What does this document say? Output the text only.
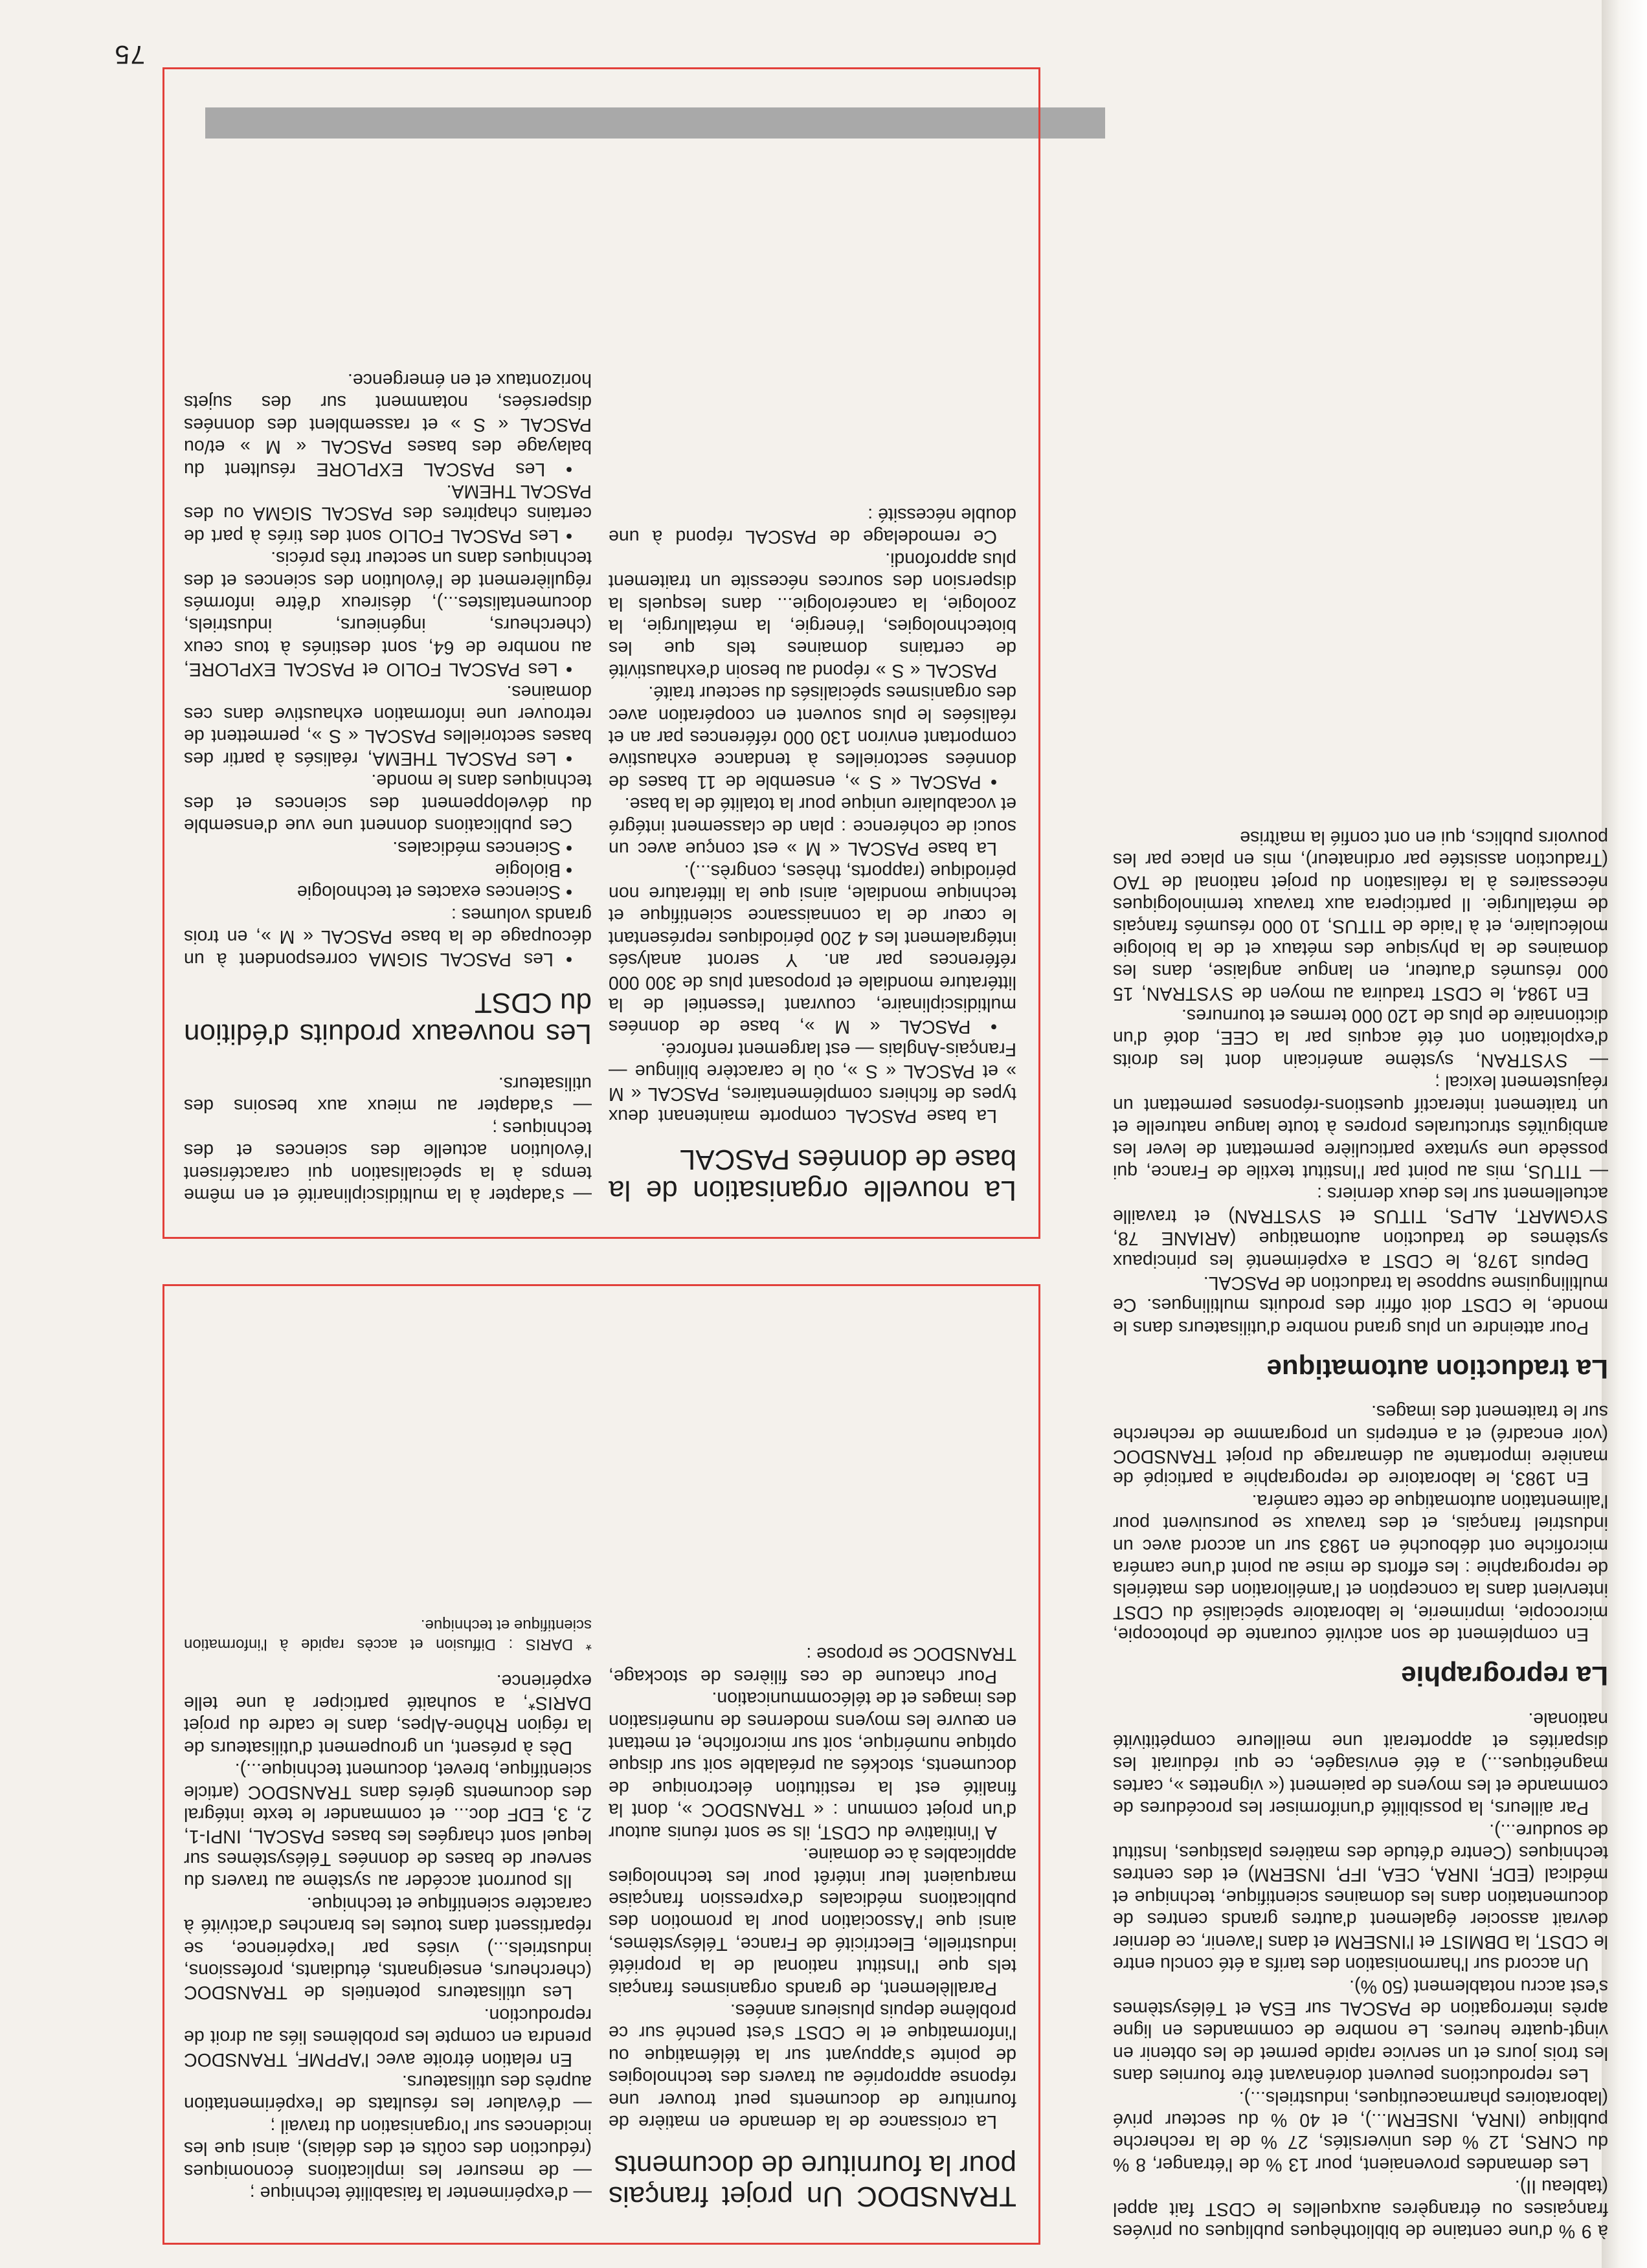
75

à 9 % d'une centaine de bibliothèques publiques ou privées françaises ou étrangères auxquelles le CDST fait appel (tableau II).

Les demandes provenaient, pour 13 % de l'étranger, 8 % du CNRS, 12 % des universités, 27 % de la recherche publique (INRA, INSERM...), et 40 % du secteur privé (laboratoires pharmaceutiques, industriels...).

Les reproductions peuvent dorénavant être fournies dans les trois jours et un service rapide permet de les obtenir en vingt-quatre heures. Le nombre de commandes en ligne après interrogation de PASCAL sur ESA et Télésystèmes s'est accru notablement (50 %).

Un accord sur l'harmonisation des tarifs a été conclu entre le CDST, la DBMIST et l'INSERM et dans l'avenir, ce dernier devrait associer également d'autres grands centres de documentation dans les domaines scientifique, technique et médical (EDF, INRA, CEA, IFP, INSERM) et des centres techniques (Centre d'étude des matières plastiques, Institut de soudure...).

Par ailleurs, la possibilité d'uniformiser les procédures de commande et les moyens de paiement (« vignettes », cartes magnétiques...) a été envisagée, ce qui réduirait les disparités et apporterait une meilleure compétitivité nationale.

La reprographie

En complément de son activité courante de photocopie, microcopie, imprimerie, le laboratoire spécialisé du CDST intervient dans la conception et l'amélioration des matériels de reprographie : les efforts de mise au point d'une caméra microfiche ont débouché en 1983 sur un accord avec un industriel français, et des travaux se poursuivent pour l'alimentation automatique de cette caméra.

En 1983, le laboratoire de reprographie a participé de manière importante au démarrage du projet TRANSDOC (voir encadré) et a entrepris un programme de recherche sur le traitement des images.

La traduction automatique

Pour atteindre un plus grand nombre d'utilisateurs dans le monde, le CDST doit offrir des produits multilingues. Ce multilinguisme suppose la traduction de PASCAL.

Depuis 1978, le CDST a expérimenté les principaux systèmes de traduction automatique (ARIANE 78, SYGMART, ALPS, TITUS et SYSTRAN) et travaille actuellement sur les deux derniers :

— TITUS, mis au point par l'Institut textile de France, qui possède une syntaxe particulière permettant de lever les ambiguïtés structurales propres à toute langue naturelle et un traitement interactif questions-réponses permettant un réajustement lexical ;

— SYSTRAN, système américain dont les droits d'exploitation ont été acquis par la CEE, doté d'un dictionnaire de plus de 120 000 termes et tournures.

En 1984, le CDST traduira au moyen de SYSTRAN, 15 000 résumés d'auteur, en langue anglaise, dans les domaines de la physique des métaux et de la biologie moléculaire, et à l'aide de TITUS, 10 000 résumés français de métallurgie. Il participera aux travaux terminologiques nécessaires à la réalisation du projet national de TAO (Traduction assistée par ordinateur), mis en place par les pouvoirs publics, qui en ont confié la maîtrise

TRANSDOC Un projet français pour la fourniture de documents

La croissance de la demande en matière de fourniture de documents peut trouver une réponse appropriée au travers des technologies de pointe s'appuyant sur la télématique ou l'informatique et le CDST s'est penché sur ce problème depuis plusieurs années.

Parallèlement, de grands organismes français tels que l'Institut national de la propriété industrielle, Electricité de France, Télésystèmes, ainsi que l'Association pour la promotion des publications médicales d'expression française marquaient leur intérêt pour les technologies applicables à ce domaine.

A l'initiative du CDST, ils se sont réunis autour d'un projet commun : « TRANSDOC », dont la finalité est la restitution électronique de documents, stockés au préalable soit sur disque optique numérique, soit sur microfiche, et mettant en œuvre les moyens modernes de numérisation des images et de télécommunication.

Pour chacune de ces filières de stockage, TRANSDOC se propose :

— d'expérimenter la faisabilité technique ;

— de mesurer les implications économiques (réduction des coûts et des délais), ainsi que les incidences sur l'organisation du travail ;

— d'évaluer les résultats de l'expérimentation auprès des utilisateurs.

En relation étroite avec l'APPMF, TRANSDOC prendra en compte les problèmes liés au droit de reproduction.

Les utilisateurs potentiels de TRANSDOC (chercheurs, enseignants, étudiants, professions, industriels...) visés par l'expérience, se répartissent dans toutes les branches d'activité à caractère scientifique et technique.

Ils pourront accéder au système au travers du serveur de bases de données Télésystèmes sur lequel sont chargées les bases PASCAL, INPI-1, 2, 3, EDF doc... et commander le texte intégral des documents gérés dans TRANSDOC (article scientifique, brevet, document technique...).

Dès à présent, un groupement d'utilisateurs de la région Rhône-Alpes, dans le cadre du projet DARIS*, a souhaité participer à une telle expérience.

* DARIS : Diffusion et accès rapide à l'information scientifique et technique.
La nouvelle organisation de la base de données PASCAL

La base PASCAL comporte maintenant deux types de fichiers complémentaires, PASCAL « M » et PASCAL « S », où le caractère bilingue — Français-Anglais — est largement renforcé.

• PASCAL « M », base de données multidisciplinaire, couvrant l'essentiel de la littérature mondiale et proposant plus de 300 000 références par an. Y seront analysés intégralement les 4 200 périodiques représentant le cœur de la connaissance scientifique et technique mondiale, ainsi que la littérature non périodique (rapports, thèses, congrès...).

La base PASCAL « M » est conçue avec un souci de cohérence : plan de classement intégré et vocabulaire unique pour la totalité de la base.

• PASCAL « S », ensemble de 11 bases de données sectorielles à tendance exhaustive comportant environ 130 000 références par an et réalisées le plus souvent en coopération avec des organismes spécialisés du secteur traité.

PASCAL « S » répond au besoin d'exhaustivité de certains domaines tels que les biotechnologies, l'énergie, la métallurgie, la zoologie, la cancérologie... dans lesquels la dispersion des sources nécessite un traitement plus approfondi.

Ce remodelage de PASCAL répond à une double nécessité :

— s'adapter à la multidisciplinarité et en même temps à la spécialisation qui caractérisent l'évolution actuelle des sciences et des techniques ;

— s'adapter au mieux aux besoins des utilisateurs.

Les nouveaux produits d'édition du CDST

• Les PASCAL SIGMA correspondent à un découpage de la base PASCAL « M », en trois grands volumes :

• Sciences exactes et technologie

• Biologie

• Sciences médicales.

Ces publications donnent une vue d'ensemble du développement des sciences et des techniques dans le monde.

• Les PASCAL THEMA, réalisés à partir des bases sectorielles PASCAL « S », permettent de retrouver une information exhaustive dans ces domaines.

• Les PASCAL FOLIO et PASCAL EXPLORE, au nombre de 64, sont destinés à tous ceux (chercheurs, ingénieurs, industriels, documentalistes...), désireux d'être informés régulièrement de l'évolution des sciences et des techniques dans un secteur très précis.

• Les PASCAL FOLIO sont des tirés à part de certains chapitres des PASCAL SIGMA ou des PASCAL THEMA.

• Les PASCAL EXPLORE résultent du balayage des bases PASCAL « M » et/ou PASCAL « S » et rassemblent des données dispersées, notamment sur des sujets horizontaux et en émergence.
